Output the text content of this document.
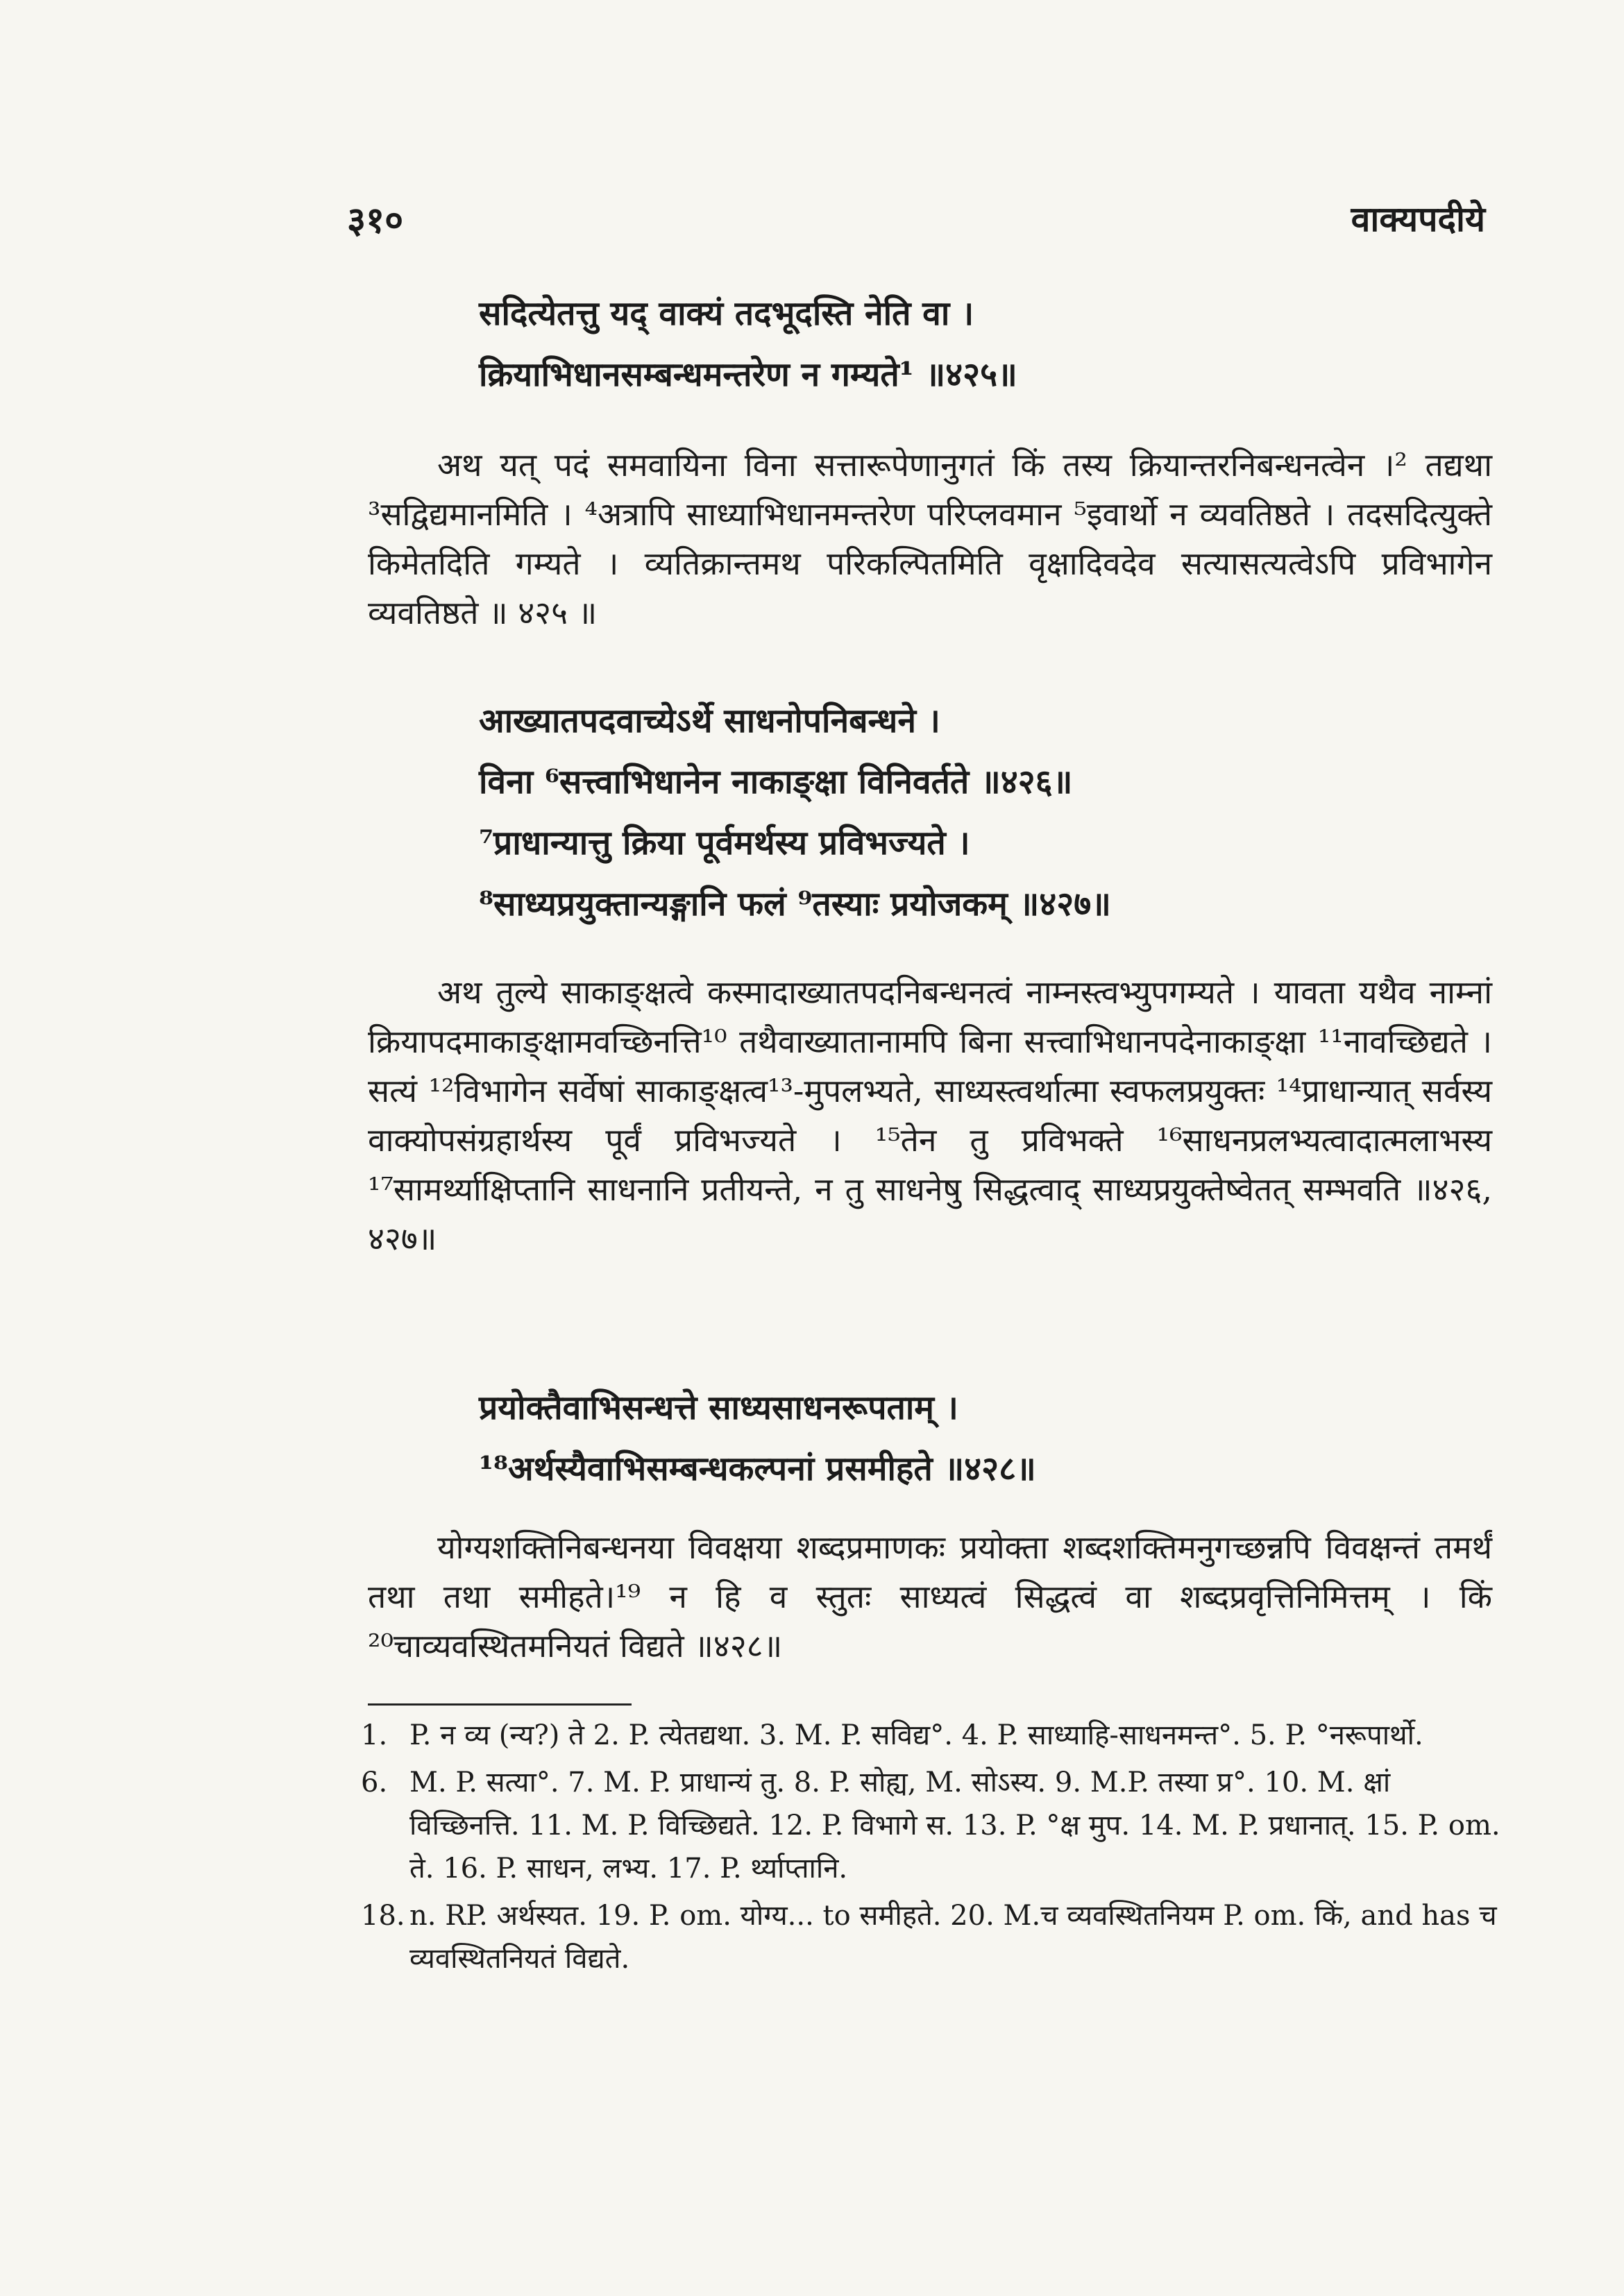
३१०	वाक्यपदीये
सदित्येतत्तु यद् वाक्यं तदभूदस्ति नेति वा ।
क्रियाभिधानसम्बन्धमन्तरेण न गम्यते¹ ॥४२५॥

अथ यत् पदं समवायिना विना सत्तारूपेणानुगतं किं तस्य क्रियान्तरनिबन्धनत्वेन ।² तद्यथा ³सद्विद्यमानमिति । ⁴अत्रापि साध्याभिधानमन्तरेण परिप्लवमान ⁵इवार्थो न व्यवतिष्ठते । तदसदित्युक्ते किमेतदिति गम्यते । व्यतिक्रान्तमथ परिकल्पितमिति वृक्षादिवदेव सत्यासत्यत्वेऽपि प्रविभागेन व्यवतिष्ठते ॥ ४२५ ॥

आख्यातपदवाच्येऽर्थे साधनोपनिबन्धने ।
विना ⁶सत्त्वाभिधानेन नाकाङ्क्षा विनिवर्तते ॥४२६॥
⁷प्राधान्यात्तु क्रिया पूर्वमर्थस्य प्रविभज्यते ।
⁸साध्यप्रयुक्तान्यङ्गानि फलं ⁹तस्याः प्रयोजकम् ॥४२७॥

अथ तुल्ये साकाङ्क्षत्वे कस्मादाख्यातपदनिबन्धनत्वं नाम्नस्त्वभ्युपगम्यते । यावता यथैव नाम्नां क्रियापदमाकाङ्क्षामवच्छिनत्ति¹⁰ तथैवाख्यातानामपि बिना सत्त्वाभिधानपदेनाकाङ्क्षा ¹¹नावच्छिद्यते । सत्यं ¹²विभागेन सर्वेषां साकाङ्क्षत्व¹³-मुपलभ्यते, साध्यस्त्वर्थात्मा स्वफलप्रयुक्तः ¹⁴प्राधान्यात् सर्वस्य वाक्योपसंग्रहार्थस्य पूर्वं प्रविभज्यते । ¹⁵तेन तु प्रविभक्ते ¹⁶साधनप्रलभ्यत्वादात्मलाभस्य ¹⁷सामर्थ्याक्षिप्तानि साधनानि प्रतीयन्ते, न तु साधनेषु सिद्धत्वाद् साध्यप्रयुक्तेष्वेतत् सम्भवति ॥४२६, ४२७॥

प्रयोक्तैवाभिसन्धत्ते साध्यसाधनरूपताम् ।
¹⁸अर्थस्यैवाभिसम्बन्धकल्पनां प्रसमीहते ॥४२८॥

योग्यशक्तिनिबन्धनया विवक्षया शब्दप्रमाणकः प्रयोक्ता शब्दशक्तिमनुगच्छन्नपि विवक्षन्तं तमर्थं तथा तथा समीहते।¹⁹ न हि व स्तुतः साध्यत्वं सिद्धत्वं वा शब्दप्रवृत्तिनिमित्तम् । किं ²⁰चाव्यवस्थितमनियतं विद्यते ॥४२८॥

1. P. न व्य (न्य?) ते 2. P. त्येतद्यथा. 3. M. P. सविद्य°. 4. P. साध्याहि-साधनमन्त°. 5. P. °नरूपार्थो.
6. M. P. सत्या°. 7. M. P. प्राधान्यं तु. 8. P. सोह्य, M. सोऽस्य. 9. M.P. तस्या प्र°. 10. M. क्षां विच्छिनत्ति. 11. M. P. विच्छिद्यते. 12. P. विभागे स. 13. P. °क्ष मुप. 14. M. P. प्रधानात्. 15. P. om. ते. 16. P. साधन, लभ्य. 17. P. र्थ्याप्तानि.
18. n. RP. अर्थस्यत. 19. P. om. योग्य... to समीहते. 20. M.च व्यवस्थितनियम P. om. किं, and has च व्यवस्थितनियतं विद्यते.
